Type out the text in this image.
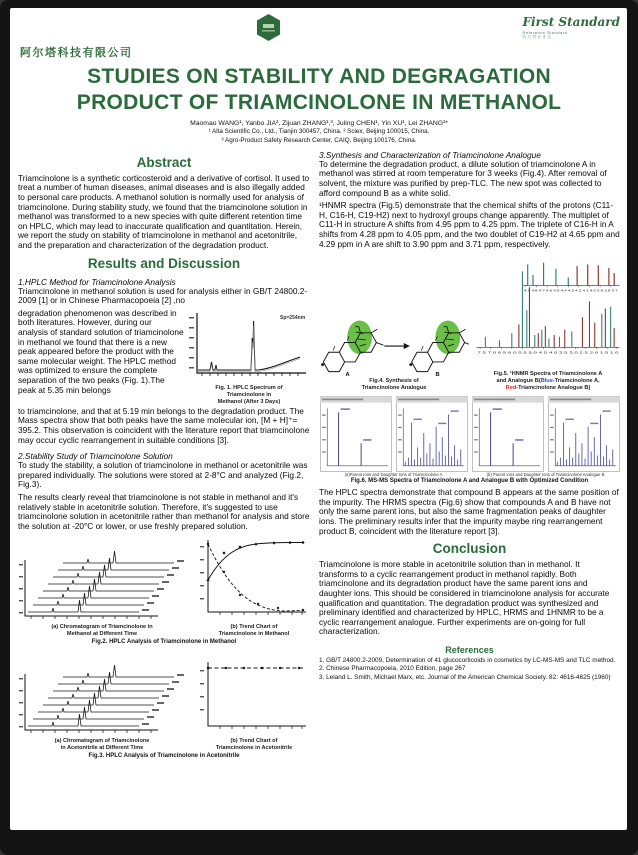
First Standard
Reference Standard
阿尔塔标准品
阿尔塔科技有限公司
STUDIES ON STABILITY AND DEGRAGATION
PRODUCT OF TRIAMCINOLONE IN METHANOL
Maomao WANG¹, Yanbo JIA², Zijuan ZHANG¹,³, Juling CHEN¹, Yin XU¹, Lei ZHANG¹*
¹ Alta Scientific Co., Ltd., Tianjin 300457, China. ² Sciex, Beijing 100015, China.
³ Agro-Product Safety Research Center, CAIQ, Beijing 100176, China.
Abstract

Triamcinolone is a synthetic corticosteroid and a derivative of cortisol. It used to treat a number of human diseases, animal diseases and is also illegally added to personal care products. A methanol solution is normally used for analysis of triamcinolone. During stability study, we found that the triamcinolone solution in methanol was transformed to a new species with quite different retention time on HPLC, which may lead to inaccurate qualification and quantitation. Herein, we report the study on stability of triamcinolone in methanol and acetonitrile, and the preparation and characterization of the degradation product.

Results and Discussion

1.HPLC Method for Triamcinolone Analysis

Triamcinolone in methanol solution is used for analysis either in GB/T 24800.2-2009 [1] or in Chinese Pharmacopoeia [2] ,no

Sp=254nm
Fig. 1. HPLC Spectrum of
Triamcinolone in
Methanol (After 3 Days)

degradation phenomenon was described in both literatures. However, during our analysis of standard solution of triamcinolone in methanol we found that there is a new peak appeared before the product with the same molecular weight. The HPLC method was optimized to ensure the complete separation of the two peaks (Fig. 1).The peak at 5.35 min belongs

to triamcinolone, and that at 5.19 min belongs to the degradation product. The Mass spectra show that both peaks have the same molecular ion, [M + H]⁺= 395.2. This observation is coincident with the literature report that triamcinolone may occur cyclic rearrangement in suitable conditions [3].

2.Stability Study of Triamcinolone Solution

To study the stability, a solution of triamcinolone in methanol or acetonitrile was prepared individually. The solutions were stored at 2-8°C and analyzed (Fig.2, Fig.3).

The results clearly reveal that triamcinolone is not stable in methanol and it's relatively stable in acetonitrile solution. Therefore, it's suggested to use triamcinolone solution in acetonitrile rather than methanol for analysis and store the solution at -20°C or lower, or use freshly prepared solution.

(a) Chromatogram of Triamcinolone in
Methanol at Different Time
(b) Trend Chart of
Triamcinolone in Methanol
Fig.2. HPLC Analysis of Triamcinolone in Methanol
(a) Chromatogram of Triamcinolone
in Acetonitrile at Different Time
(b) Trend Chart of
Triamcinolone in Acetonitrile
Fig.3. HPLC Analysis of Triamcinolone in Acetonitrile

3.Synthesis and Characterization of Triamcinolone Analogue

To determine the degradation product, a dilute solution of triamcinolone A in methanol was stirred at room temperature for 3 weeks (Fig.4). After removal of solvent, the mixture was purified by prep-TLC. The new spot was collected to afford compound B as a white solid.

¹HNMR spectra (Fig.5) demonstrate that the chemical shifts of the protons (C11-H, C16-H, C19-H2) next to hydroxyl groups change apparently. The multiplet of C11-H in structure A shifts from 4.95 ppm to 4.25 ppm. The triplete of C16-H in A shifts from 4.28 ppm to 4.05 ppm, and the two doublet of C19-H2 at 4.65 ppm and 4.29 ppm in A are shift to 3.90 ppm and 3.71 ppm, respectively.

A	B
Fig.4. Synthesis of
Triamcinolone Analogue
4.9 4.8 4.7 4.6 4.5 4.4 4.3 4.2 4.1 4.0 3.9 3.8 3.7
7.5 7.0 6.5 6.0 5.5 5.0 4.5 4.0 3.5 3.0 2.5 2.0 1.5 1.0
Fig.5. ¹HNMR Spectra of Triamcinolone A
and Analogue B(Blue-Triamcinolone A,
Red-Triamcinolone Analogue B)
(a)Parent Ions and Daughter Ions of Triamcinolone A	(b) Parent Ions and Daughter Ions of Triamcinolone Analogue B
Fig.6. MS-MS Spectra of Triamcinolone A and Analogue B with Optimized Condition

The HPLC spectra demonstrate that compound B appears at the same position of the impurity. The HRMS spectra (Fig.6) show that compounds A and B have not only the same parent ions, but also the same fragmentation peaks of daughter ions. The preliminary results infer that the impurity maybe ring rearrangement product B, coincident with the literature report [3].

Conclusion

Triamcinolone is more stable in acetonitrile solution than in methanol. It transforms to a cyclic rearrangement product in methanol rapidly. Both triamcinolone and its degradation product have the same parent ions and daughter ions. This should be considered in triamcinolone analysis for accurate qualification and quantitation. The degradation product was synthesized and preliminary identified and characterized by HPLC, HRMS and 1HNMR to be a cyclic rearrangement analogue. Further experiments are on-going for full characterization.

References

1. GB/T 24800.2-2009, Determination of 41 glucocorticoids in cosmetics by LC-MS-MS and TLC method.

2. Chinese Pharmacopoeia, 2010 Edition, page 267

3. Leland L. Smith, Michael Marx, etc. Journal of the American Chemical Society. 82: 4616-4625 (1960)
